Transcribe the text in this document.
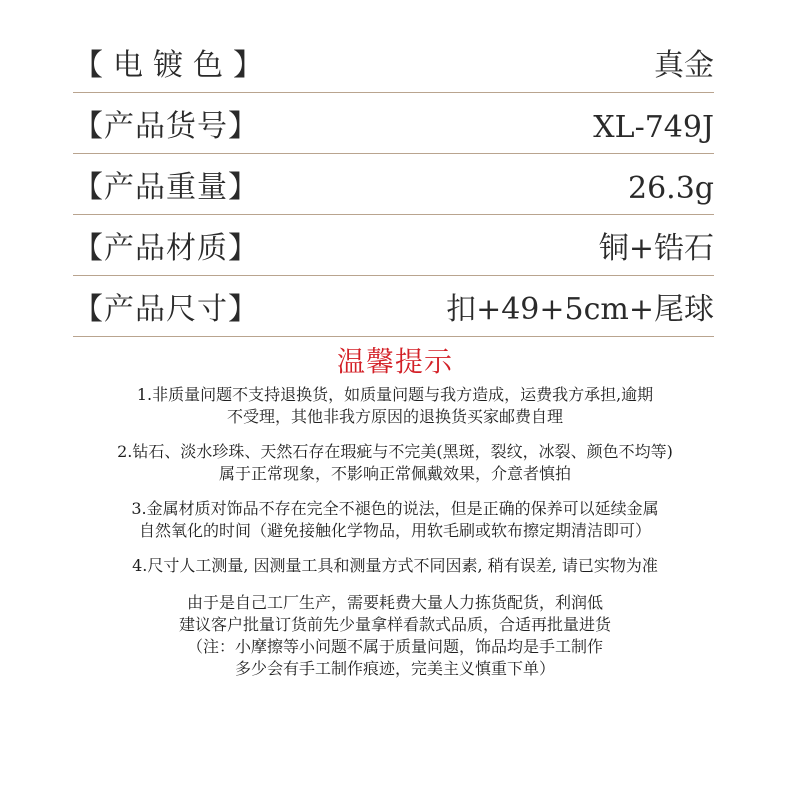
【电镀色】	真金
【产品货号】	XL-749J
【产品重量】	26.3g
【产品材质】	铜+锆石
【产品尺寸】	扣+49+5cm+尾球
温馨提示
1.非质量问题不支持退换货，如质量问题与我方造成，运费我方承担,逾期
不受理，其他非我方原因的退换货买家邮费自理
2.钻石、淡水珍珠、天然石存在瑕疵与不完美(黑斑，裂纹，冰裂、颜色不均等)
属于正常现象，不影响正常佩戴效果，介意者慎拍
3.金属材质对饰品不存在完全不褪色的说法，但是正确的保养可以延续金属
自然氧化的时间（避免接触化学物品，用软毛刷或软布擦定期清洁即可）
4.尺寸人工测量, 因测量工具和测量方式不同因素, 稍有误差, 请已实物为准
由于是自己工厂生产，需要耗费大量人力拣货配货，利润低
建议客户批量订货前先少量拿样看款式品质，合适再批量进货
（注：小摩擦等小问题不属于质量问题，饰品均是手工制作
多少会有手工制作痕迹，完美主义慎重下单）
